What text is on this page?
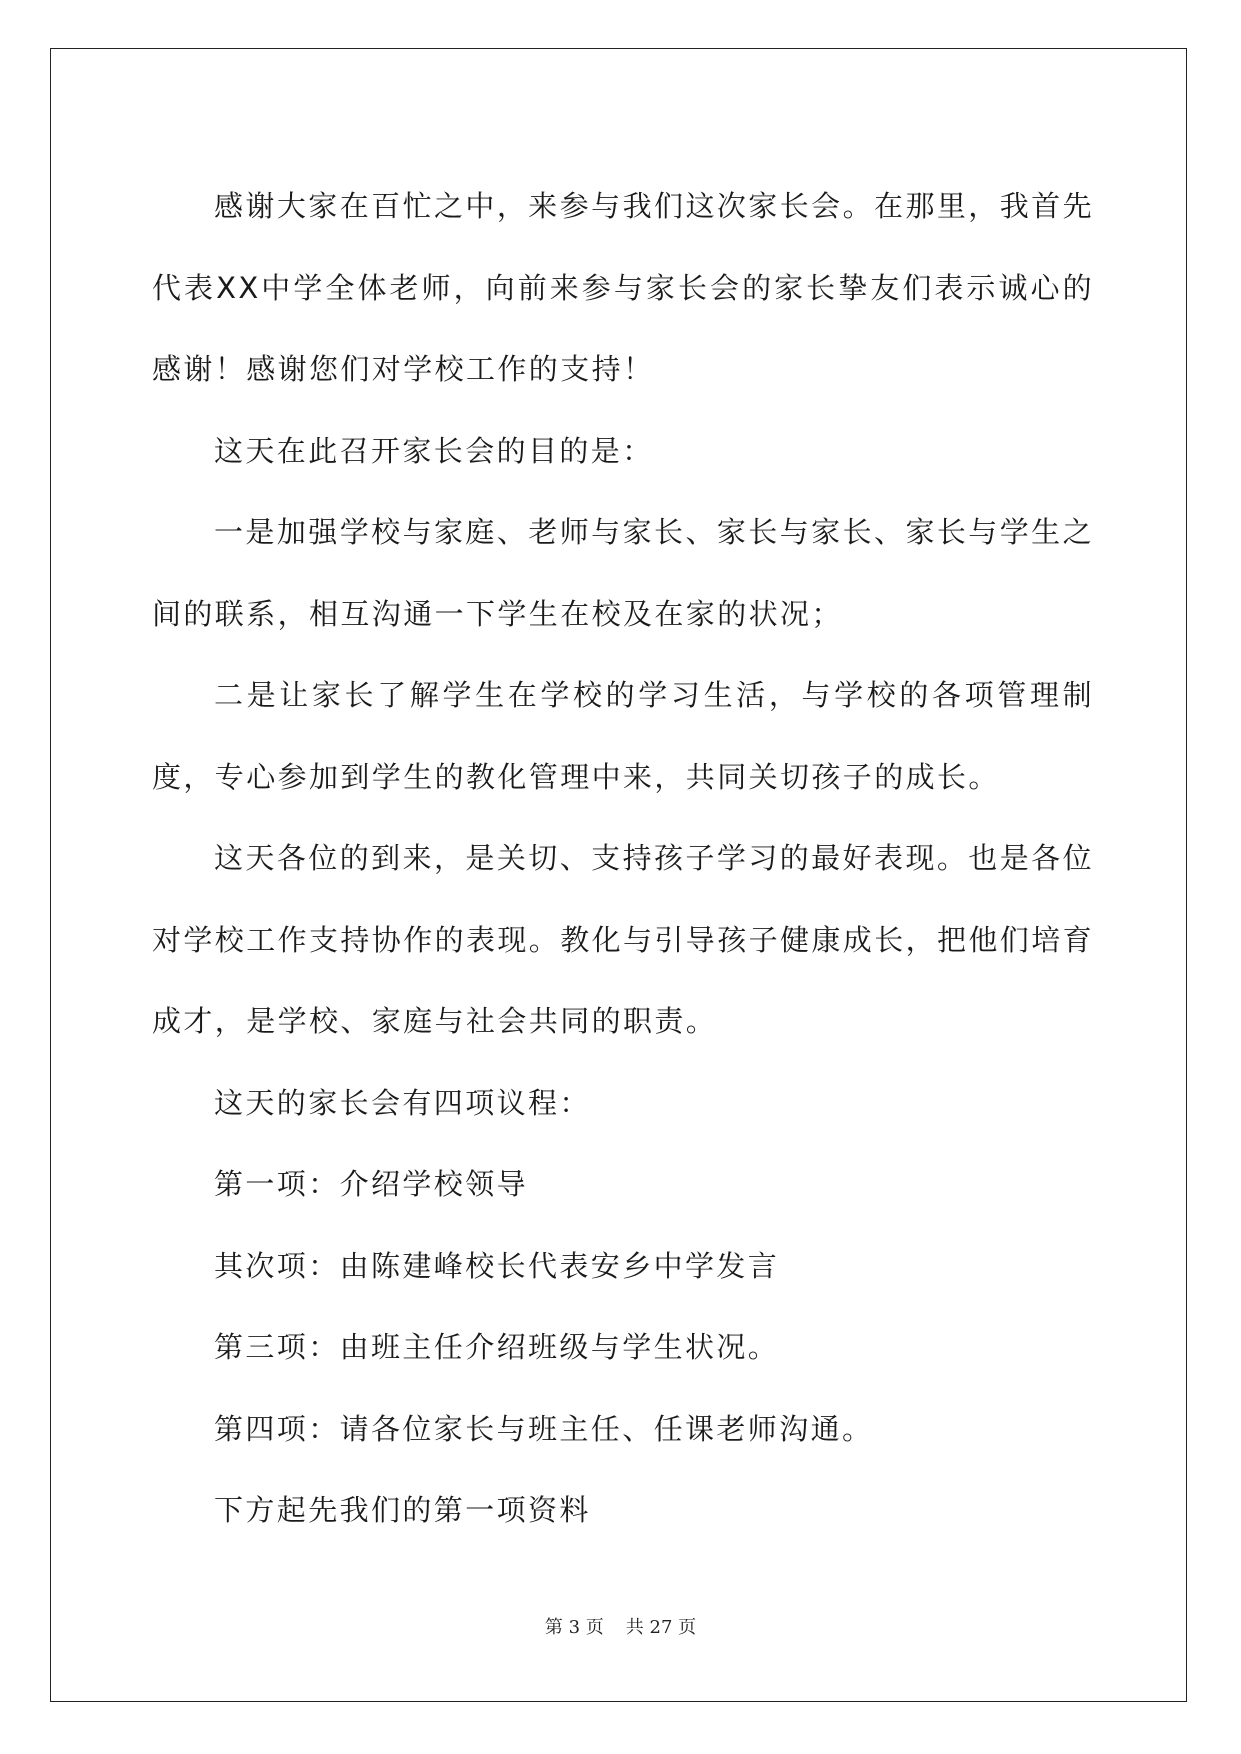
感谢大家在百忙之中，来参与我们这次家长会。在那里，我首先代表XX中学全体老师，向前来参与家长会的家长挚友们表示诚心的感谢！感谢您们对学校工作的支持！

这天在此召开家长会的目的是：

一是加强学校与家庭、老师与家长、家长与家长、家长与学生之间的联系，相互沟通一下学生在校及在家的状况；

二是让家长了解学生在学校的学习生活，与学校的各项管理制度，专心参加到学生的教化管理中来，共同关切孩子的成长。

这天各位的到来，是关切、支持孩子学习的最好表现。也是各位对学校工作支持协作的表现。教化与引导孩子健康成长，把他们培育成才，是学校、家庭与社会共同的职责。

这天的家长会有四项议程：

第一项：介绍学校领导

其次项：由陈建峰校长代表安乡中学发言

第三项：由班主任介绍班级与学生状况。

第四项：请各位家长与班主任、任课老师沟通。

下方起先我们的第一项资料

第 3 页 共 27 页
